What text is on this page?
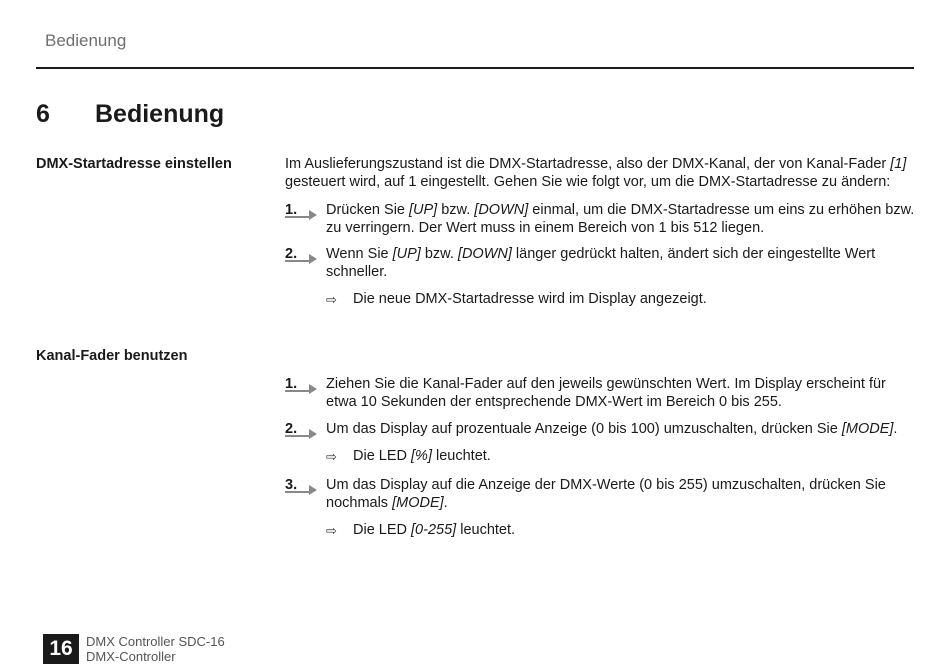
Bedienung
6 Bedienung
DMX-Startadresse einstellen	Im Auslieferungszustand ist die DMX-Startadresse, also der DMX-Kanal, der von Kanal-Fader [1]
gesteuert wird, auf 1 eingestellt. Gehen Sie wie folgt vor, um die DMX-Startadresse zu ändern:
1. Drücken Sie [UP] bzw. [DOWN] einmal, um die DMX-Startadresse um eins zu erhöhen bzw. zu verringern. Der Wert muss in einem Bereich von 1 bis 512 liegen.
2. Wenn Sie [UP] bzw. [DOWN] länger gedrückt halten, ändert sich der eingestellte Wert schneller.
⇨ Die neue DMX-Startadresse wird im Display angezeigt.
Kanal-Fader benutzen
1. Ziehen Sie die Kanal-Fader auf den jeweils gewünschten Wert. Im Display erscheint für etwa 10 Sekunden der entsprechende DMX-Wert im Bereich 0 bis 255.
2. Um das Display auf prozentuale Anzeige (0 bis 100) umzuschalten, drücken Sie [MODE].
⇨ Die LED [%] leuchtet.
3. Um das Display auf die Anzeige der DMX-Werte (0 bis 255) umzuschalten, drücken Sie nochmals [MODE].
⇨ Die LED [0-255] leuchtet.
16	DMX Controller SDC-16
DMX-Controller
